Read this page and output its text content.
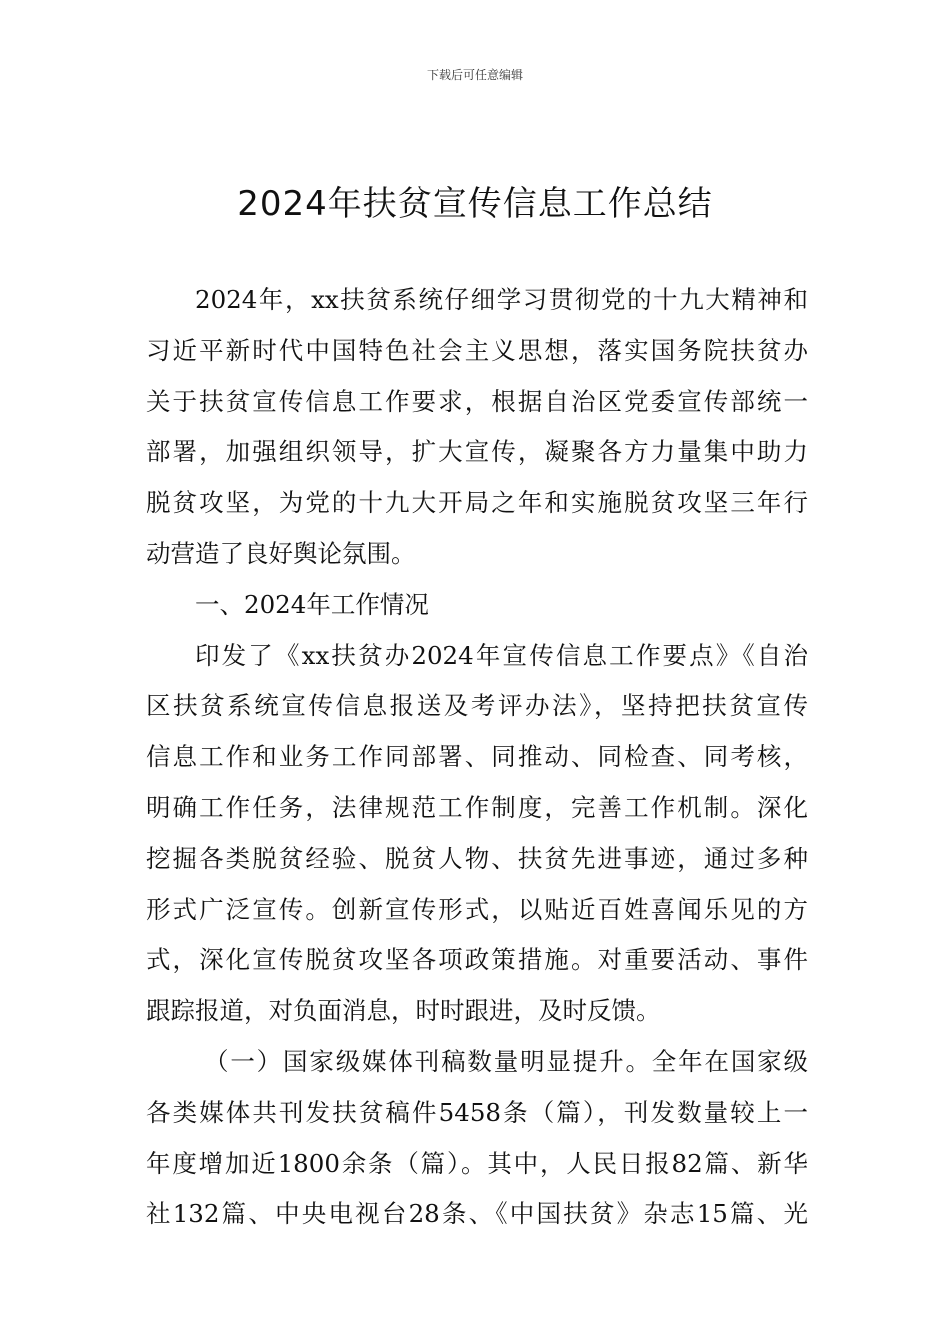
下载后可任意编辑
2024年扶贫宣传信息工作总结
2024年，xx扶贫系统仔细学习贯彻党的十九大精神和
习近平新时代中国特色社会主义思想，落实国务院扶贫办
关于扶贫宣传信息工作要求，根据自治区党委宣传部统一
部署，加强组织领导，扩大宣传，凝聚各方力量集中助力
脱贫攻坚，为党的十九大开局之年和实施脱贫攻坚三年行
动营造了良好舆论氛围。
一、2024年工作情况
印发了《xx扶贫办2024年宣传信息工作要点》《自治
区扶贫系统宣传信息报送及考评办法》，坚持把扶贫宣传
信息工作和业务工作同部署、同推动、同检查、同考核，
明确工作任务，法律规范工作制度，完善工作机制。深化
挖掘各类脱贫经验、脱贫人物、扶贫先进事迹，通过多种
形式广泛宣传。创新宣传形式，以贴近百姓喜闻乐见的方
式，深化宣传脱贫攻坚各项政策措施。对重要活动、事件
跟踪报道，对负面消息，时时跟进，及时反馈。
（一）国家级媒体刊稿数量明显提升。全年在国家级
各类媒体共刊发扶贫稿件5458条（篇），刊发数量较上一
年度增加近1800余条（篇）。其中，人民日报82篇、新华
社132篇、中央电视台28条、《中国扶贫》杂志15篇、光
